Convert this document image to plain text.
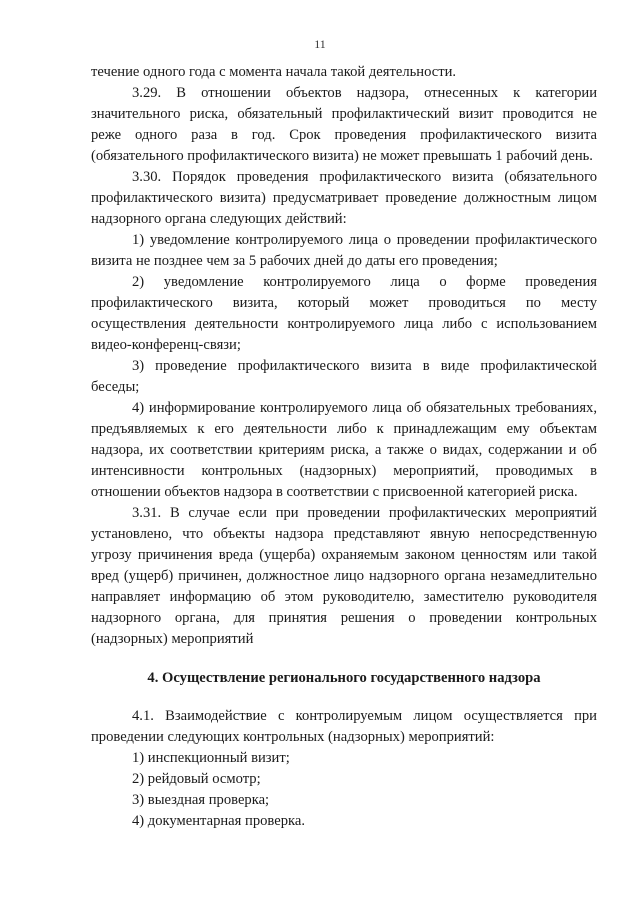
11

течение одного года с момента начала такой деятельности.

3.29. В отношении объектов надзора, отнесенных к категории значительного риска, обязательный профилактический визит проводится не реже одного раза в год. Срок проведения профилактического визита (обязательного профилактического визита) не может превышать 1 рабочий день.

3.30. Порядок проведения профилактического визита (обязательного профилактического визита) предусматривает проведение должностным лицом надзорного органа следующих действий:

1) уведомление контролируемого лица о проведении профилактического визита не позднее чем за 5 рабочих дней до даты его проведения;

2) уведомление контролируемого лица о форме проведения профилактического визита, который может проводиться по месту осуществления деятельности контролируемого лица либо с использованием видео-конференц-связи;

3) проведение профилактического визита в виде профилактической беседы;

4) информирование контролируемого лица об обязательных требованиях, предъявляемых к его деятельности либо к принадлежащим ему объектам надзора, их соответствии критериям риска, а также о видах, содержании и об интенсивности контрольных (надзорных) мероприятий, проводимых в отношении объектов надзора в соответствии с присвоенной категорией риска.

3.31. В случае если при проведении профилактических мероприятий установлено, что объекты надзора представляют явную непосредственную угрозу причинения вреда (ущерба) охраняемым законом ценностям или такой вред (ущерб) причинен, должностное лицо надзорного органа незамедлительно направляет информацию об этом руководителю, заместителю руководителя надзорного органа, для принятия решения о проведении контрольных (надзорных) мероприятий

4. Осуществление регионального государственного надзора

4.1. Взаимодействие с контролируемым лицом осуществляется при проведении следующих контрольных (надзорных) мероприятий:

1) инспекционный визит;

2) рейдовый осмотр;

3) выездная проверка;

4) документарная проверка.
